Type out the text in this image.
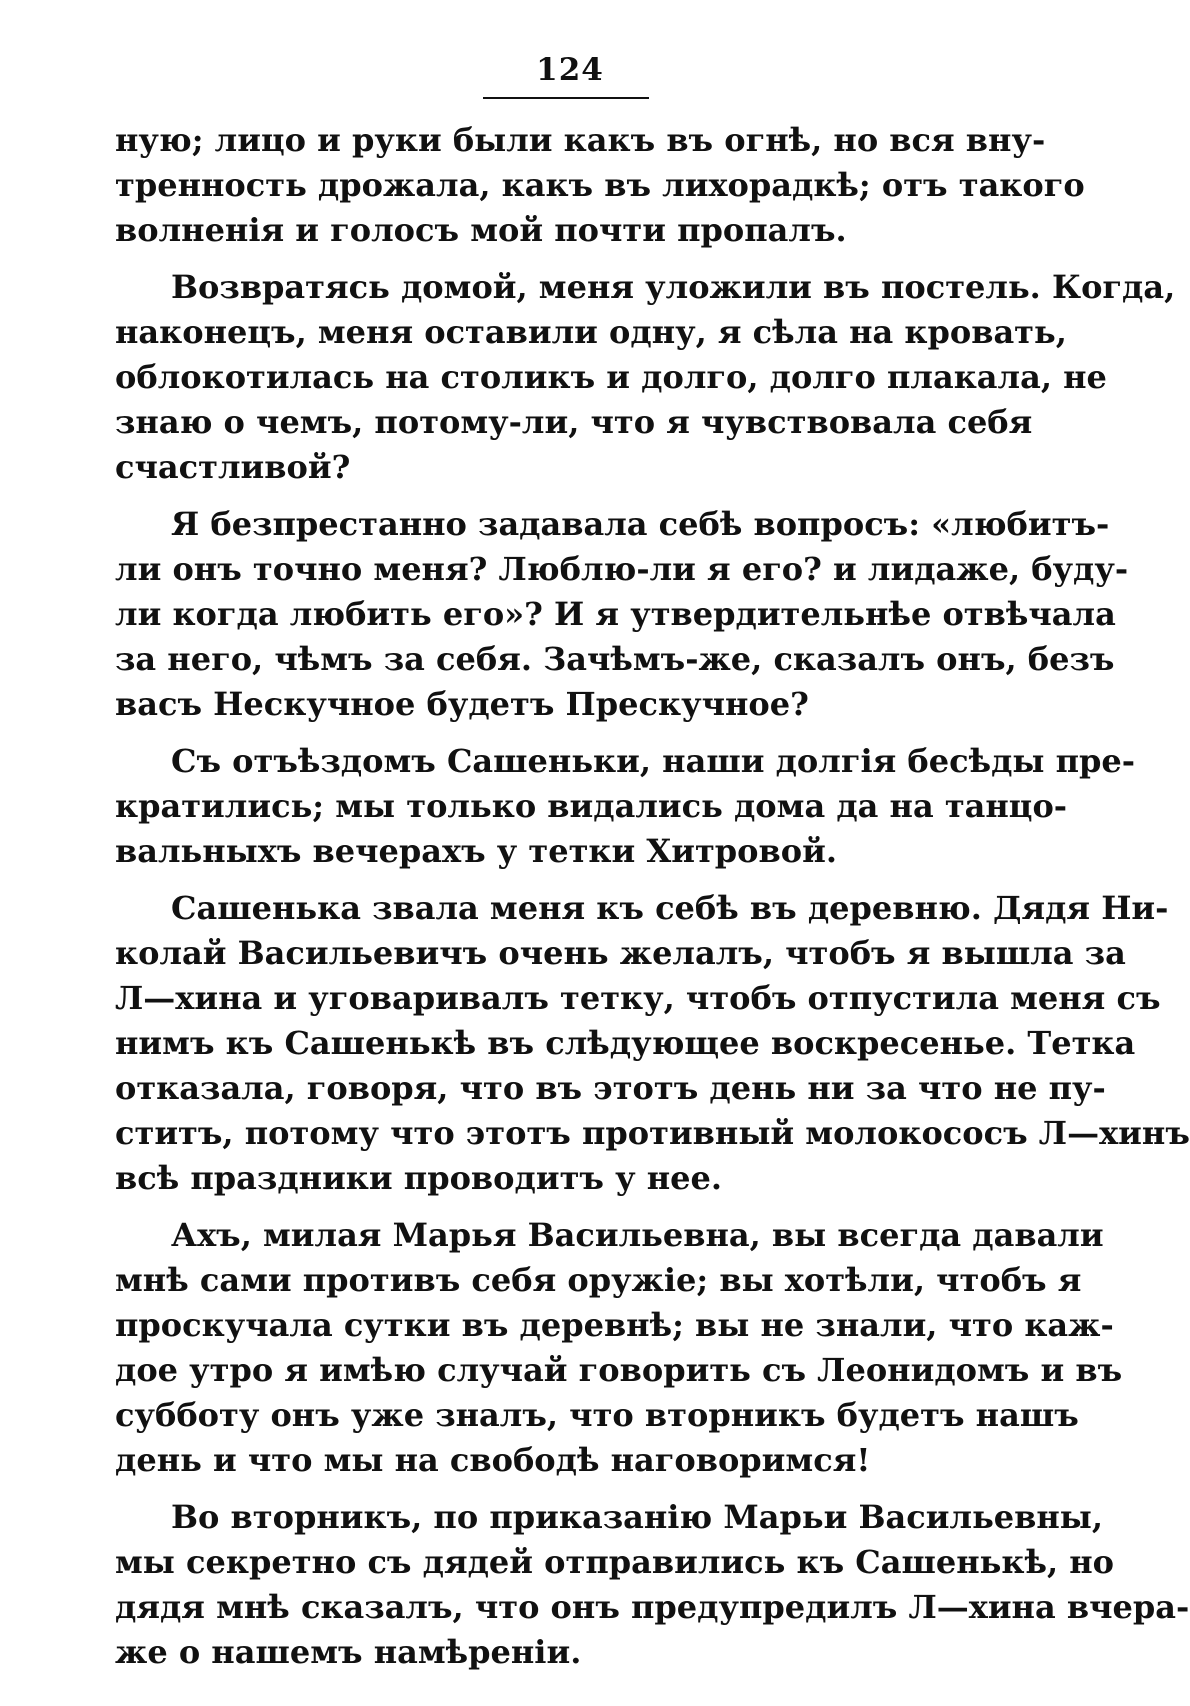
124
ную; лицо и руки были какъ въ огнѣ, но вся вну-
тренность дрожала, какъ въ лихорадкѣ; отъ такого
волненія и голосъ мой почти пропалъ.
Возвратясь домой, меня уложили въ постель. Когда,
наконецъ, меня оставили одну, я сѣла на кровать,
облокотилась на столикъ и долго, долго плакала, не
знаю о чемъ, потому-ли, что я чувствовала себя
счастливой?
Я безпрестанно задавала себѣ вопросъ: «любитъ-
ли онъ точно меня? Люблю-ли я его? и лидаже, буду-
ли когда любить его»? И я утвердительнѣе отвѣчала
за него, чѣмъ за себя. Зачѣмъ-же, сказалъ онъ, безъ
васъ Нескучное будетъ Прескучное?
Съ отъѣздомъ Сашеньки, наши долгія бесѣды пре-
кратились; мы только видались дома да на танцо-
вальныхъ вечерахъ у тетки Хитровой.
Сашенька звала меня къ себѣ въ деревню. Дядя Ни-
колай Васильевичъ очень желалъ, чтобъ я вышла за
Л—хина и уговаривалъ тетку, чтобъ отпустила меня съ
нимъ къ Сашенькѣ въ слѣдующее воскресенье. Тетка
отказала, говоря, что въ этотъ день ни за что не пу-
ститъ, потому что этотъ противный молокососъ Л—хинъ
всѣ праздники проводитъ у нее.
Ахъ, милая Марья Васильевна, вы всегда давали
мнѣ сами противъ себя оружіе; вы хотѣли, чтобъ я
проскучала сутки въ деревнѣ; вы не знали, что каж-
дое утро я имѣю случай говорить съ Леонидомъ и въ
субботу онъ уже зналъ, что вторникъ будетъ нашъ
день и что мы на свободѣ наговоримся!
Во вторникъ, по приказанію Марьи Васильевны,
мы секретно съ дядей отправились къ Сашенькѣ, но
дядя мнѣ сказалъ, что онъ предупредилъ Л—хина вчера-
же о нашемъ намѣреніи.
